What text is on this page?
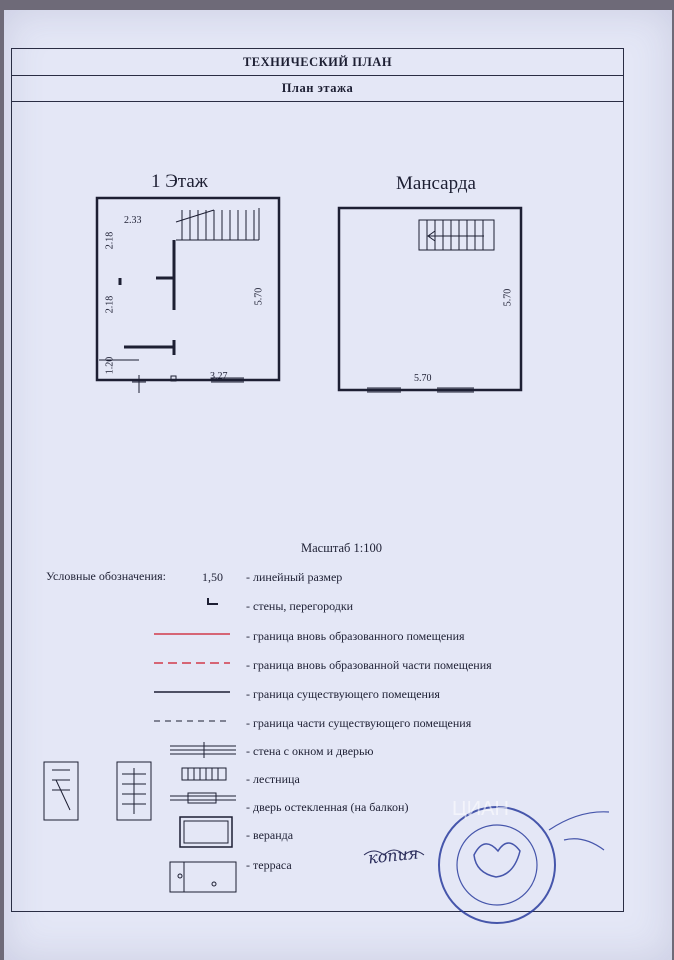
ТЕХНИЧЕСКИЙ ПЛАН
План этажа
1 Этаж	Мансарда
2.33
2.18
2.18
1.20
5.70
3.27
5.70
5.70
Масштаб 1:100
Условные обозначения:	1,50 - линейный размер
- стены, перегородки
- граница вновь образованного помещения
- граница вновь образованной части помещения
- граница существующего помещения
- граница части существующего помещения
- стена с окном и дверью
- лестница
- дверь остекленная (на балкон)
- веранда
- терраса	копия
ЦИАН
